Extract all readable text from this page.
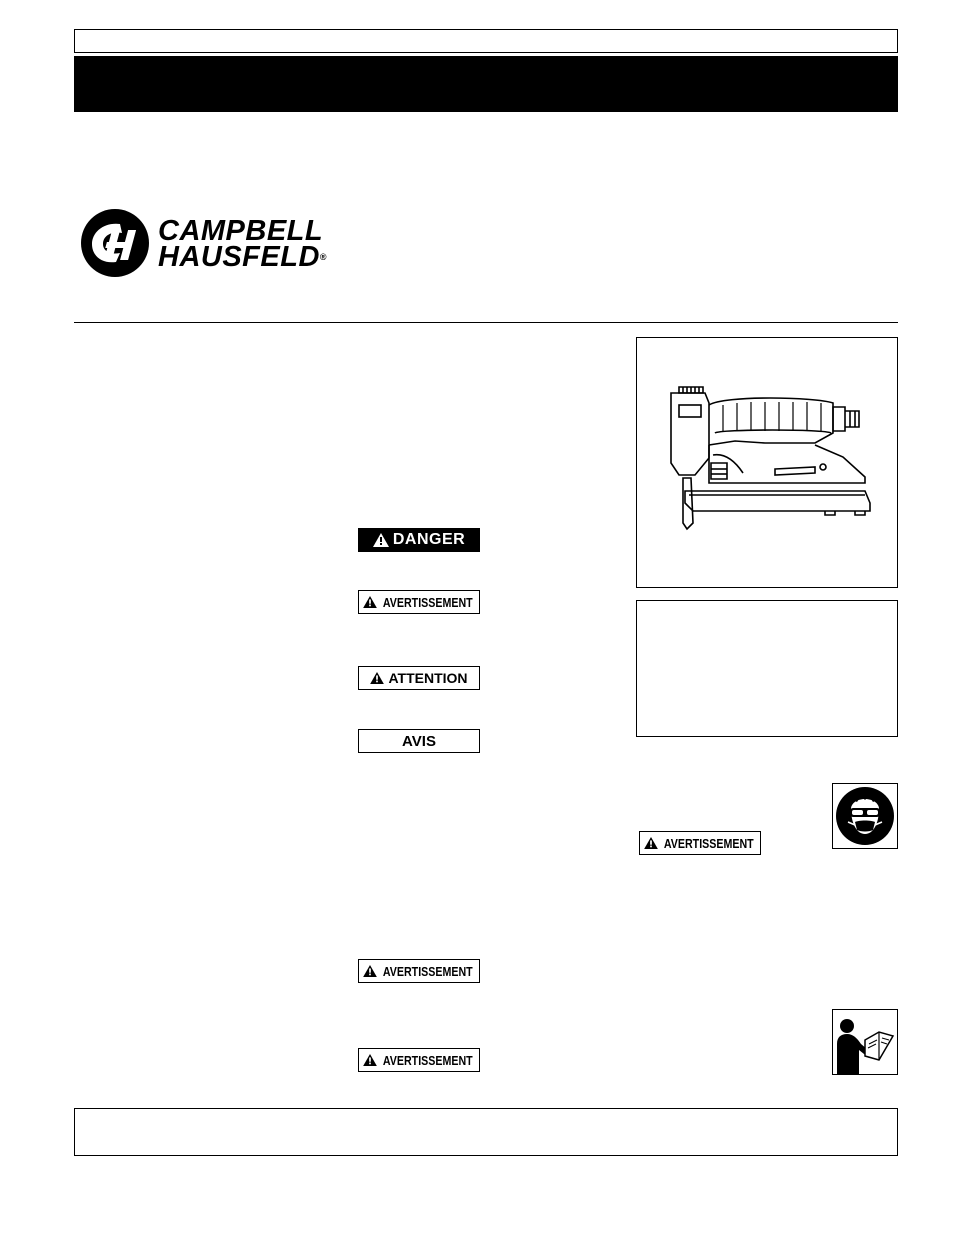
CAMPBELL
HAUSFELD®
DANGER
AVERTISSEMENT
ATTENTION
AVIS
AVERTISSEMENT
AVERTISSEMENT
AVERTISSEMENT
